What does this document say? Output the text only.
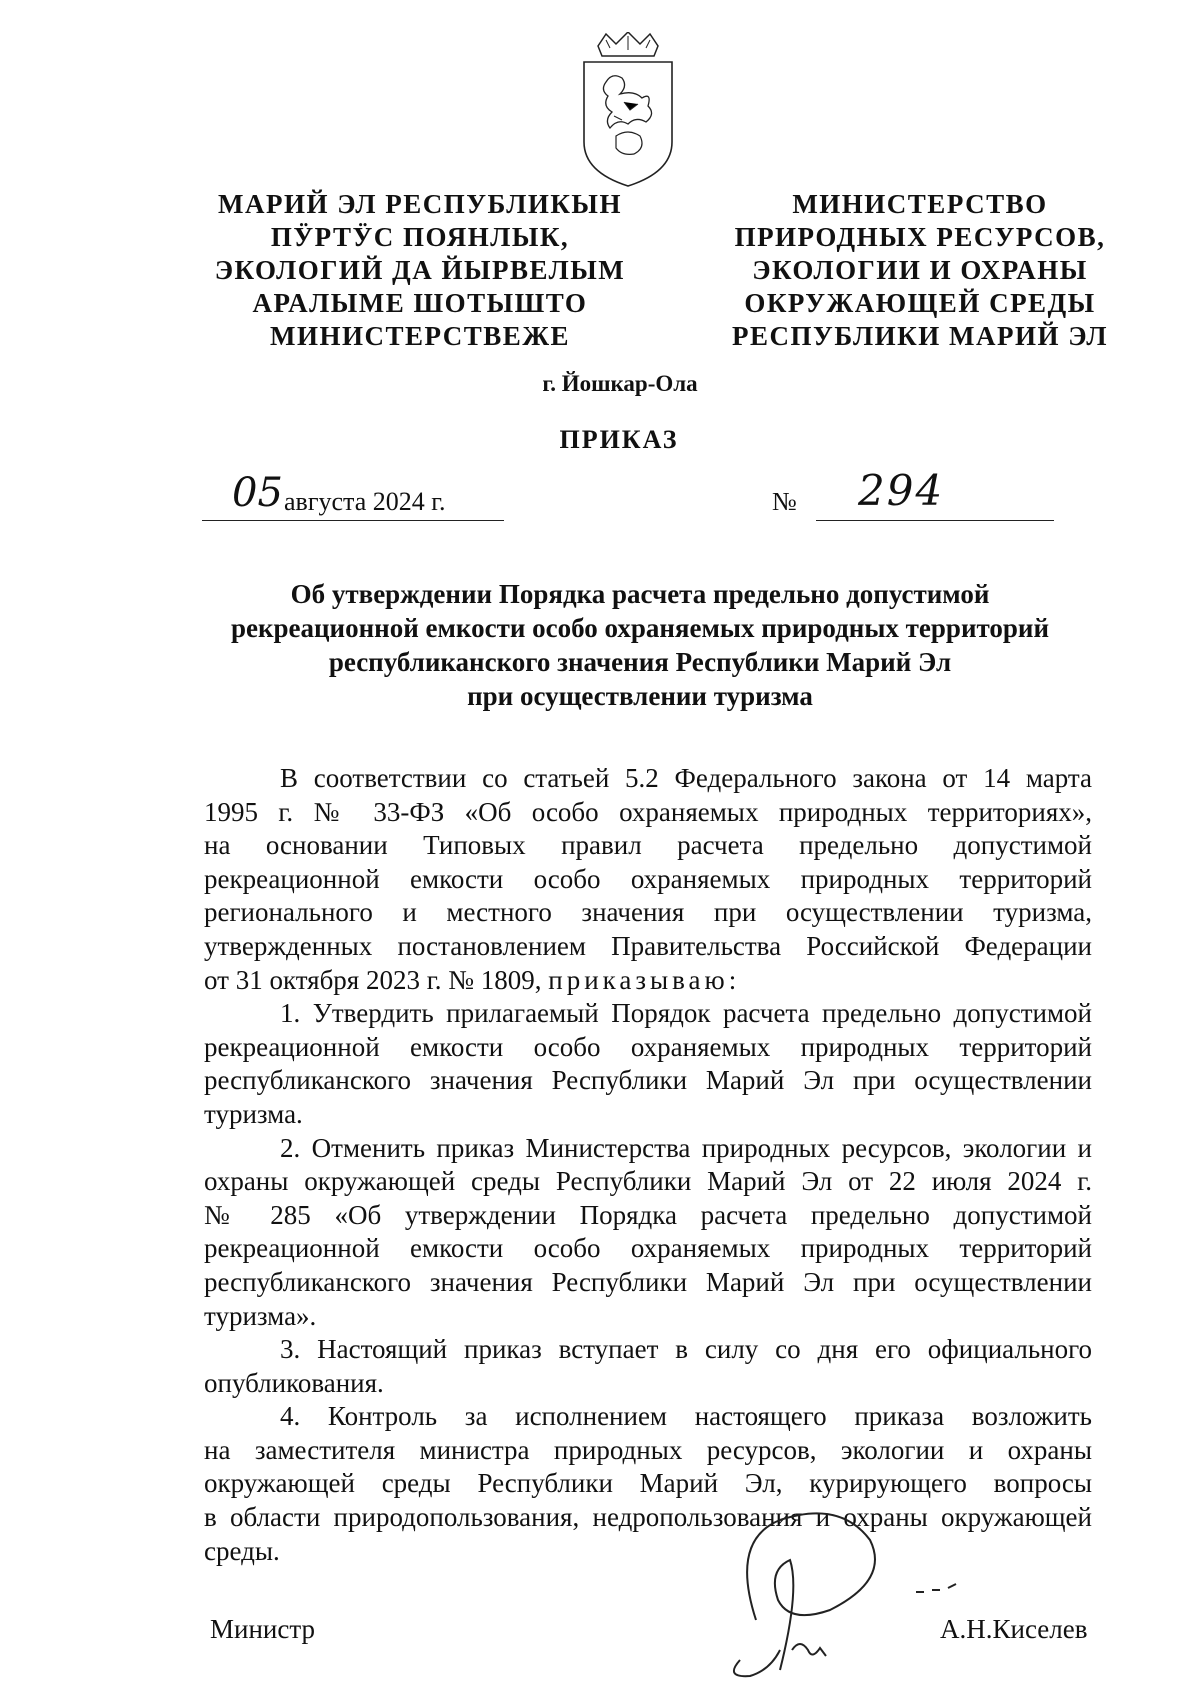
МАРИЙ ЭЛ РЕСПУБЛИКЫН
ПӰРТӰС ПОЯНЛЫК,
ЭКОЛОГИЙ ДА ЙЫРВЕЛЫМ
АРАЛЫМЕ ШОТЫШТО
МИНИСТЕРСТВЕЖЕ
МИНИСТЕРСТВО
ПРИРОДНЫХ РЕСУРСОВ,
ЭКОЛОГИИ И ОХРАНЫ
ОКРУЖАЮЩЕЙ СРЕДЫ
РЕСПУБЛИКИ МАРИЙ ЭЛ
г. Йошкар-Ола
ПРИКАЗ
05 августа 2024 г.	№ 294
Об утверждении Порядка расчета предельно допустимой
рекреационной емкости особо охраняемых природных территорий
республиканского значения Республики Марий Эл
при осуществлении туризма
В соответствии со статьей 5.2 Федерального закона от 14 марта
1995 г. № 33-ФЗ «Об особо охраняемых природных территориях»,
на основании Типовых правил расчета предельно допустимой
рекреационной емкости особо охраняемых природных территорий
регионального и местного значения при осуществлении туризма,
утвержденных постановлением Правительства Российской Федерации
от 31 октября 2023 г. № 1809, приказываю:
1. Утвердить прилагаемый Порядок расчета предельно допустимой
рекреационной емкости особо охраняемых природных территорий
республиканского значения Республики Марий Эл при осуществлении
туризма.
2. Отменить приказ Министерства природных ресурсов, экологии и
охраны окружающей среды Республики Марий Эл от 22 июля 2024 г.
№ 285 «Об утверждении Порядка расчета предельно допустимой
рекреационной емкости особо охраняемых природных территорий
республиканского значения Республики Марий Эл при осуществлении
туризма».
3. Настоящий приказ вступает в силу со дня его официального
опубликования.
4. Контроль за исполнением настоящего приказа возложить
на заместителя министра природных ресурсов, экологии и охраны
окружающей среды Республики Марий Эл, курирующего вопросы
в области природопользования, недропользования и охраны окружающей
среды.
Министр	А.Н.Киселев
